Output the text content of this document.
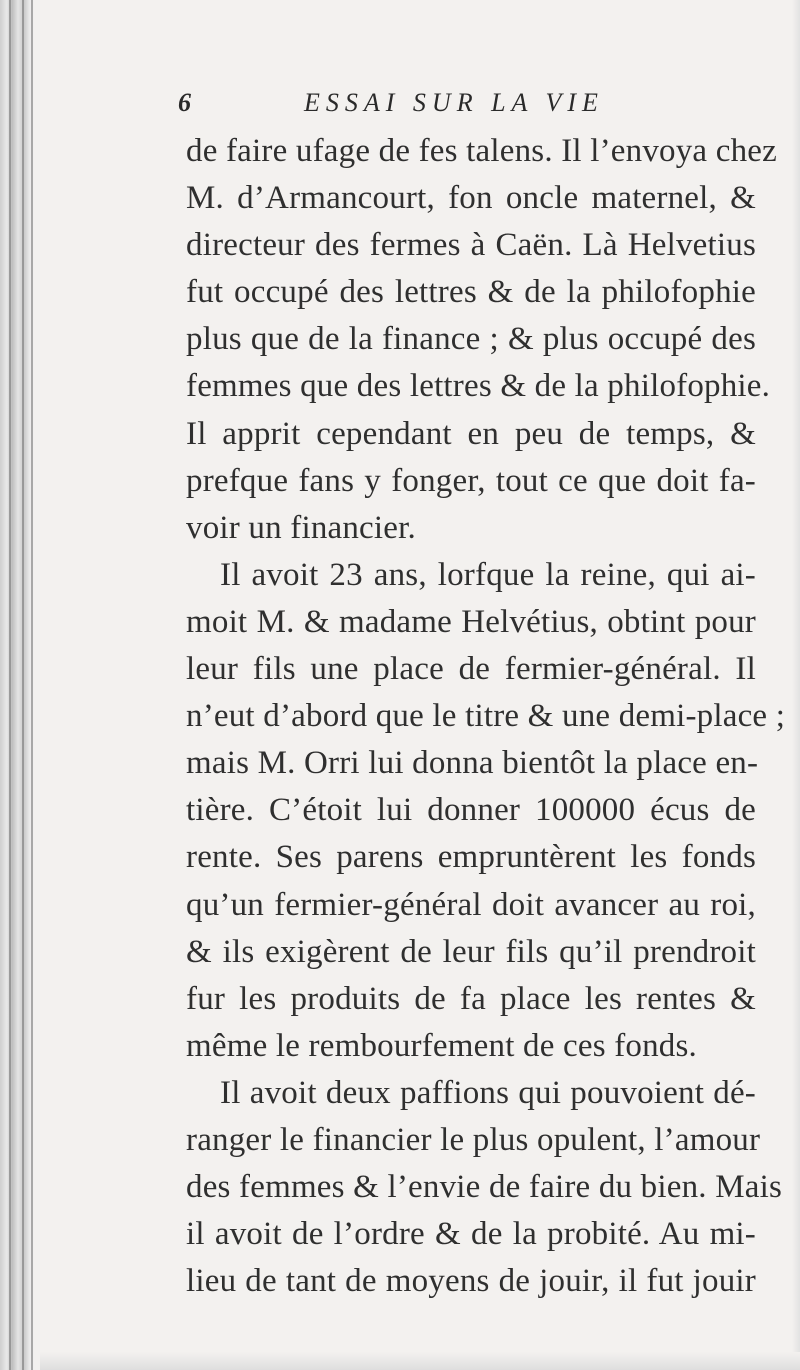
6	ESSAI SUR LA VIE
de faire ufage de fes talens. Il l’envoya chez
M. d’Armancourt, fon oncle maternel, &
directeur des fermes à Caën. Là Helvetius
fut occupé des lettres & de la philofophie
plus que de la finance ; & plus occupé des
femmes que des lettres & de la philofophie.
Il apprit cependant en peu de temps, &
prefque fans y fonger, tout ce que doit fa-
voir un financier.
Il avoit 23 ans, lorfque la reine, qui ai-
moit M. & madame Helvétius, obtint pour
leur fils une place de fermier-général. Il
n’eut d’abord que le titre & une demi-place ;
mais M. Orri lui donna bientôt la place en-
tière. C’étoit lui donner 100000 écus de
rente. Ses parens empruntèrent les fonds
qu’un fermier-général doit avancer au roi,
& ils exigèrent de leur fils qu’il prendroit
fur les produits de fa place les rentes &
même le rembourfement de ces fonds.
Il avoit deux paffions qui pouvoient dé-
ranger le financier le plus opulent, l’amour
des femmes & l’envie de faire du bien. Mais
il avoit de l’ordre & de la probité. Au mi-
lieu de tant de moyens de jouir, il fut jouir
